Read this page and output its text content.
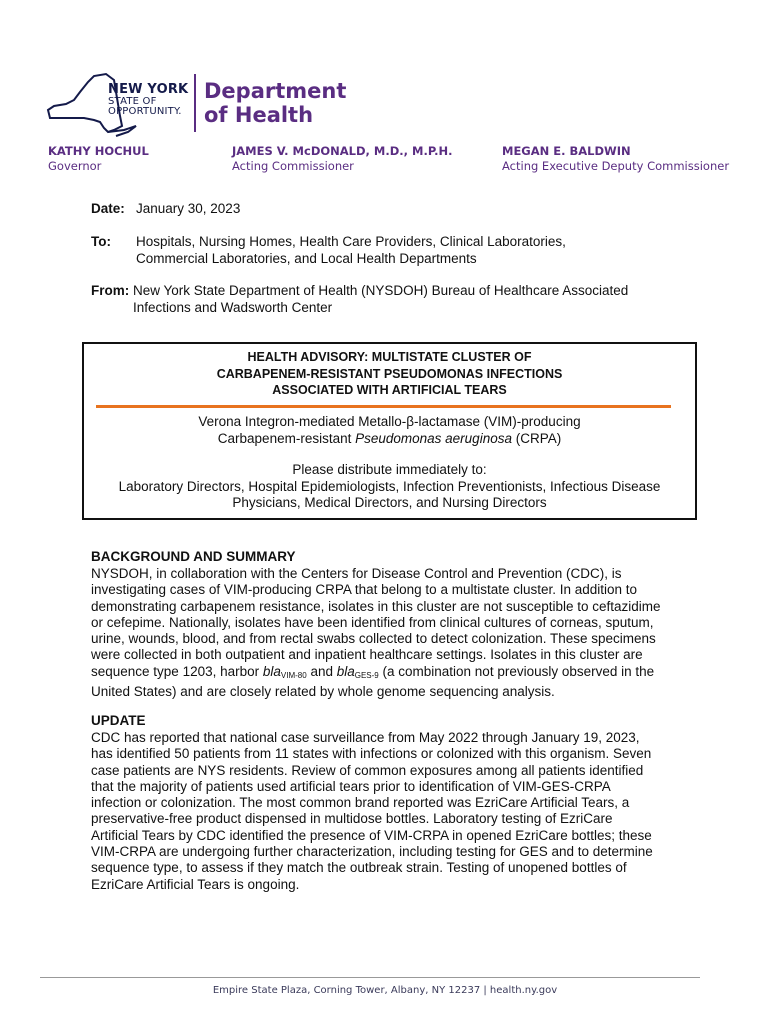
NEW YORK
STATE OF
OPPORTUNITY.
Department
of Health
KATHY HOCHUL
Governor
JAMES V. McDONALD, M.D., M.P.H.
Acting Commissioner
MEGAN E. BALDWIN
Acting Executive Deputy Commissioner
Date: January 30, 2023
To: Hospitals, Nursing Homes, Health Care Providers, Clinical Laboratories,
Commercial Laboratories, and Local Health Departments
From: New York State Department of Health (NYSDOH) Bureau of Healthcare Associated
Infections and Wadsworth Center
HEALTH ADVISORY: MULTISTATE CLUSTER OF
CARBAPENEM-RESISTANT PSEUDOMONAS INFECTIONS
ASSOCIATED WITH ARTIFICIAL TEARS
Verona Integron-mediated Metallo-β-lactamase (VIM)-producing
Carbapenem-resistant Pseudomonas aeruginosa (CRPA)
Please distribute immediately to:
Laboratory Directors, Hospital Epidemiologists, Infection Preventionists, Infectious Disease
Physicians, Medical Directors, and Nursing Directors
BACKGROUND AND SUMMARY
NYSDOH, in collaboration with the Centers for Disease Control and Prevention (CDC), is
investigating cases of VIM-producing CRPA that belong to a multistate cluster. In addition to
demonstrating carbapenem resistance, isolates in this cluster are not susceptible to ceftazidime
or cefepime. Nationally, isolates have been identified from clinical cultures of corneas, sputum,
urine, wounds, blood, and from rectal swabs collected to detect colonization. These specimens
were collected in both outpatient and inpatient healthcare settings. Isolates in this cluster are
sequence type 1203, harbor bla$_{VIM-80}$ and bla$_{GES-9}$ (a combination not previously observed in the
United States) and are closely related by whole genome sequencing analysis.
UPDATE
CDC has reported that national case surveillance from May 2022 through January 19, 2023,
has identified 50 patients from 11 states with infections or colonized with this organism. Seven
case patients are NYS residents. Review of common exposures among all patients identified
that the majority of patients used artificial tears prior to identification of VIM-GES-CRPA
infection or colonization. The most common brand reported was EzriCare Artificial Tears, a
preservative-free product dispensed in multidose bottles. Laboratory testing of EzriCare
Artificial Tears by CDC identified the presence of VIM-CRPA in opened EzriCare bottles; these
VIM-CRPA are undergoing further characterization, including testing for GES and to determine
sequence type, to assess if they match the outbreak strain. Testing of unopened bottles of
EzriCare Artificial Tears is ongoing.
Empire State Plaza, Corning Tower, Albany, NY 12237 | health.ny.gov
